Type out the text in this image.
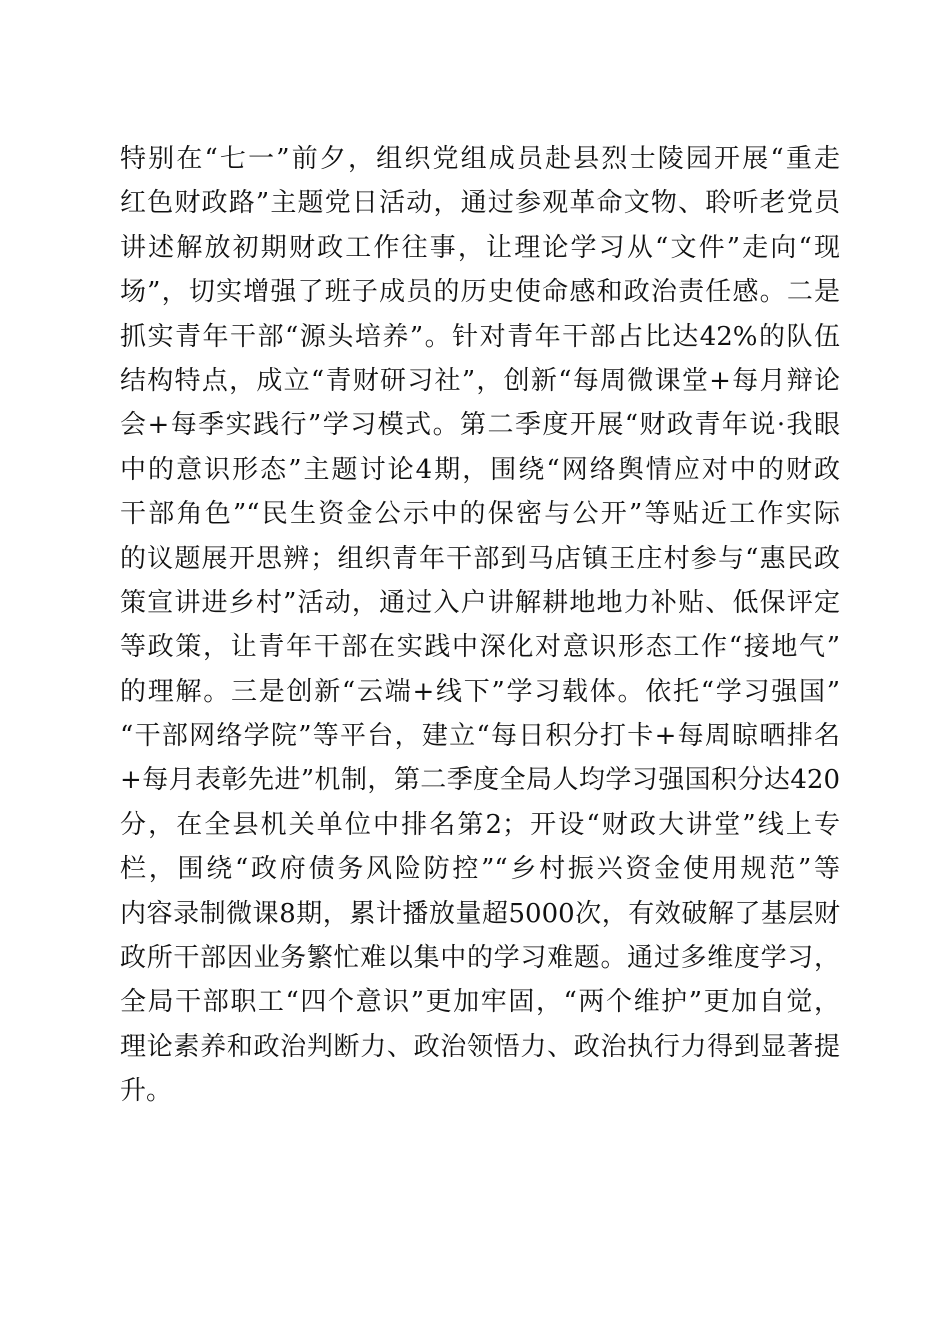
特别在“七一”前夕，组织党组成员赴县烈士陵园开展“重走
红色财政路”主题党日活动，通过参观革命文物、聆听老党员
讲述解放初期财政工作往事，让理论学习从“文件”走向“现
场”，切实增强了班子成员的历史使命感和政治责任感。二是
抓实青年干部“源头培养”。针对青年干部占比达42%的队伍
结构特点，成立“青财研习社”，创新“每周微课堂+每月辩论
会+每季实践行”学习模式。第二季度开展“财政青年说·我眼
中的意识形态”主题讨论4期，围绕“网络舆情应对中的财政
干部角色”“民生资金公示中的保密与公开”等贴近工作实际
的议题展开思辨；组织青年干部到马店镇王庄村参与“惠民政
策宣讲进乡村”活动，通过入户讲解耕地地力补贴、低保评定
等政策，让青年干部在实践中深化对意识形态工作“接地气”
的理解。三是创新“云端+线下”学习载体。依托“学习强国”
“干部网络学院”等平台，建立“每日积分打卡+每周晾晒排名
+每月表彰先进”机制，第二季度全局人均学习强国积分达420
分，在全县机关单位中排名第2；开设“财政大讲堂”线上专
栏，围绕“政府债务风险防控”“乡村振兴资金使用规范”等
内容录制微课8期，累计播放量超5000次，有效破解了基层财
政所干部因业务繁忙难以集中的学习难题。通过多维度学习，
全局干部职工“四个意识”更加牢固，“两个维护”更加自觉，
理论素养和政治判断力、政治领悟力、政治执行力得到显著提
升。
